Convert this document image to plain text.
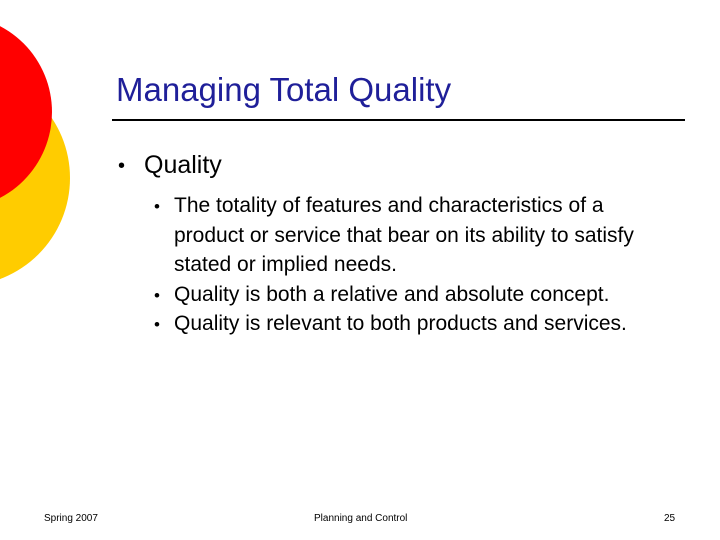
Managing Total Quality
• Quality
• The totality of features and characteristics of a product or service that bear on its ability to satisfy stated or implied needs.
• Quality is both a relative and absolute concept.
• Quality is relevant to both products and services.
Spring 2007	Planning and Control	25
